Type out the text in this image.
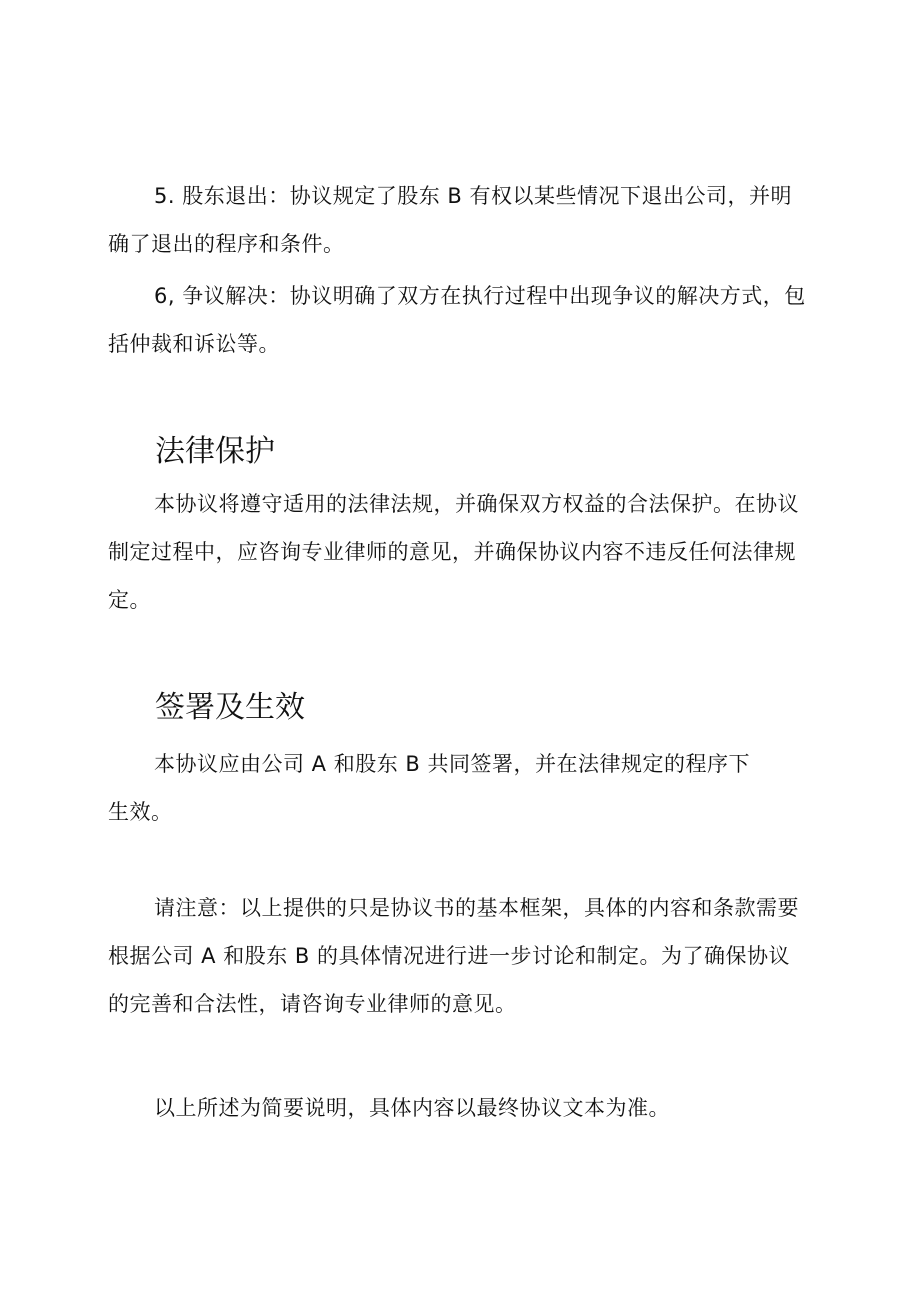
5. 股东退出：协议规定了股东 B 有权以某些情况下退出公司，并明确了退出的程序和条件。

6, 争议解决：协议明确了双方在执行过程中出现争议的解决方式，包括仲裁和诉讼等。

法律保护

本协议将遵守适用的法律法规，并确保双方权益的合法保护。在协议制定过程中，应咨询专业律师的意见，并确保协议内容不违反任何法律规定。

签署及生效

本协议应由公司 A 和股东 B 共同签署，并在法律规定的程序下生效。

请注意：以上提供的只是协议书的基本框架，具体的内容和条款需要根据公司 A 和股东 B 的具体情况进行进一步讨论和制定。为了确保协议的完善和合法性，请咨询专业律师的意见。

以上所述为简要说明，具体内容以最终协议文本为准。
